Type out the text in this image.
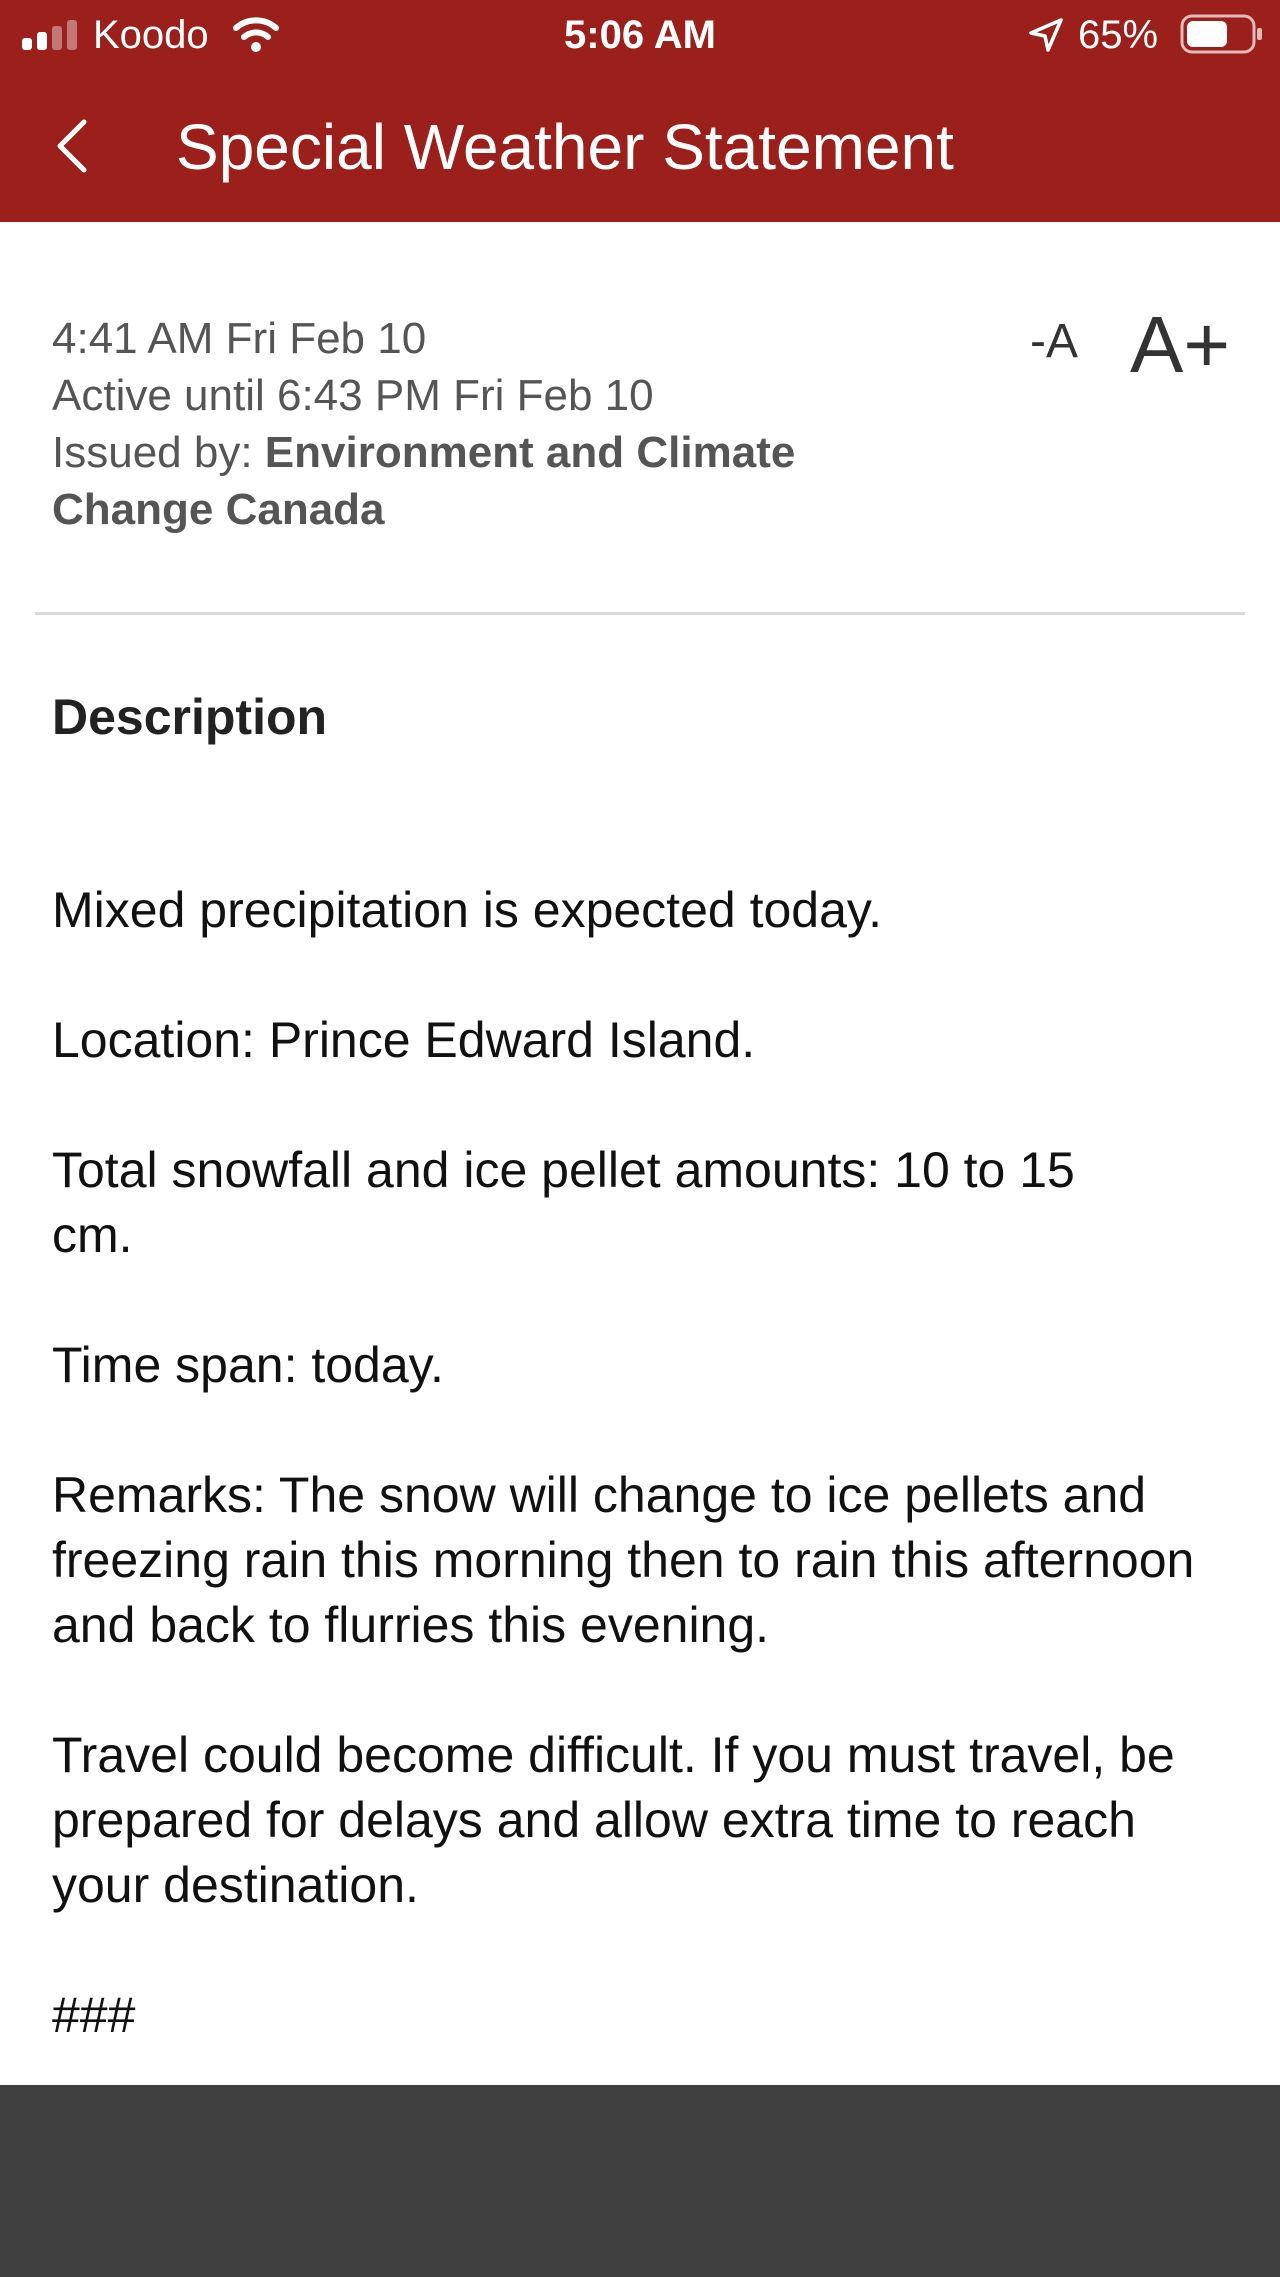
Koodo	5:06 AM	65%
Special Weather Statement
4:41 AM Fri Feb 10
Active until 6:43 PM Fri Feb 10
Issued by: Environment and Climate
Change Canada
-A A+
Description

Mixed precipitation is expected today.

Location: Prince Edward Island.

Total snowfall and ice pellet amounts: 10 to 15 cm.

Time span: today.

Remarks: The snow will change to ice pellets and freezing rain this morning then to rain this afternoon and back to flurries this evening.

Travel could become difficult. If you must travel, be prepared for delays and allow extra time to reach your destination.

###
